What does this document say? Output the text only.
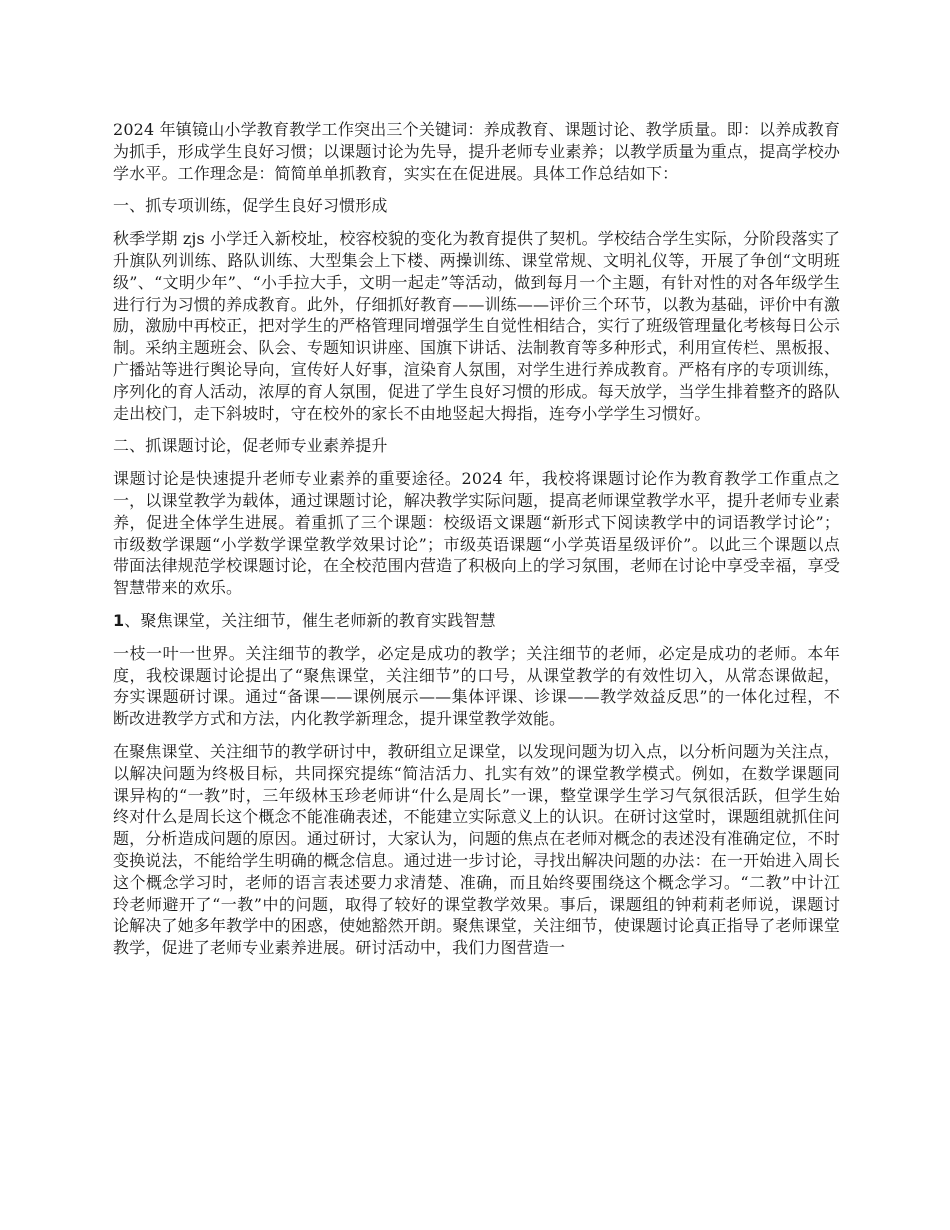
2024 年镇镜山小学教育教学工作突出三个关键词：养成教育、课题讨论、教学质量。即：以养成教育为抓手，形成学生良好习惯；以课题讨论为先导，提升老师专业素养；以教学质量为重点，提高学校办学水平。工作理念是：简简单单抓教育，实实在在促进展。具体工作总结如下：

一、抓专项训练，促学生良好习惯形成

秋季学期 zjs 小学迁入新校址，校容校貌的变化为教育提供了契机。学校结合学生实际，分阶段落实了升旗队列训练、路队训练、大型集会上下楼、两操训练、课堂常规、文明礼仪等，开展了争创“文明班级”、“文明少年”、“小手拉大手，文明一起走”等活动，做到每月一个主题，有针对性的对各年级学生进行行为习惯的养成教育。此外，仔细抓好教育——训练——评价三个环节，以教为基础，评价中有激励，激励中再校正，把对学生的严格管理同增强学生自觉性相结合，实行了班级管理量化考核每日公示制。采纳主题班会、队会、专题知识讲座、国旗下讲话、法制教育等多种形式，利用宣传栏、黑板报、广播站等进行舆论导向，宣传好人好事，渲染育人氛围，对学生进行养成教育。严格有序的专项训练，序列化的育人活动，浓厚的育人氛围，促进了学生良好习惯的形成。每天放学，当学生排着整齐的路队走出校门，走下斜坡时，守在校外的家长不由地竖起大拇指，连夸小学学生习惯好。

二、抓课题讨论，促老师专业素养提升

课题讨论是快速提升老师专业素养的重要途径。2024 年，我校将课题讨论作为教育教学工作重点之一，以课堂教学为载体，通过课题讨论，解决教学实际问题，提高老师课堂教学水平，提升老师专业素养，促进全体学生进展。着重抓了三个课题：校级语文课题“新形式下阅读教学中的词语教学讨论”；市级数学课题“小学数学课堂教学效果讨论”；市级英语课题“小学英语星级评价”。以此三个课题以点带面法律规范学校课题讨论，在全校范围内营造了积极向上的学习氛围，老师在讨论中享受幸福，享受智慧带来的欢乐。

1、聚焦课堂，关注细节，催生老师新的教育实践智慧

一枝一叶一世界。关注细节的教学，必定是成功的教学；关注细节的老师，必定是成功的老师。本年度，我校课题讨论提出了“聚焦课堂，关注细节”的口号，从课堂教学的有效性切入，从常态课做起，夯实课题研讨课。通过“备课——课例展示——集体评课、诊课——教学效益反思”的一体化过程，不断改进教学方式和方法，内化教学新理念，提升课堂教学效能。

在聚焦课堂、关注细节的教学研讨中，教研组立足课堂，以发现问题为切入点，以分析问题为关注点，以解决问题为终极目标，共同探究提练“简洁活力、扎实有效”的课堂教学模式。例如，在数学课题同课异构的“一教”时，三年级林玉珍老师讲“什么是周长”一课，整堂课学生学习气氛很活跃，但学生始终对什么是周长这个概念不能准确表述，不能建立实际意义上的认识。在研讨这堂时，课题组就抓住问题，分析造成问题的原因。通过研讨，大家认为，问题的焦点在老师对概念的表述没有准确定位，不时变换说法，不能给学生明确的概念信息。通过进一步讨论，寻找出解决问题的办法：在一开始进入周长这个概念学习时，老师的语言表述要力求清楚、准确，而且始终要围绕这个概念学习。“二教”中计江玲老师避开了“一教”中的问题，取得了较好的课堂教学效果。事后，课题组的钟莉莉老师说，课题讨论解决了她多年教学中的困惑，使她豁然开朗。聚焦课堂，关注细节，使课题讨论真正指导了老师课堂教学，促进了老师专业素养进展。研讨活动中，我们力图营造一
